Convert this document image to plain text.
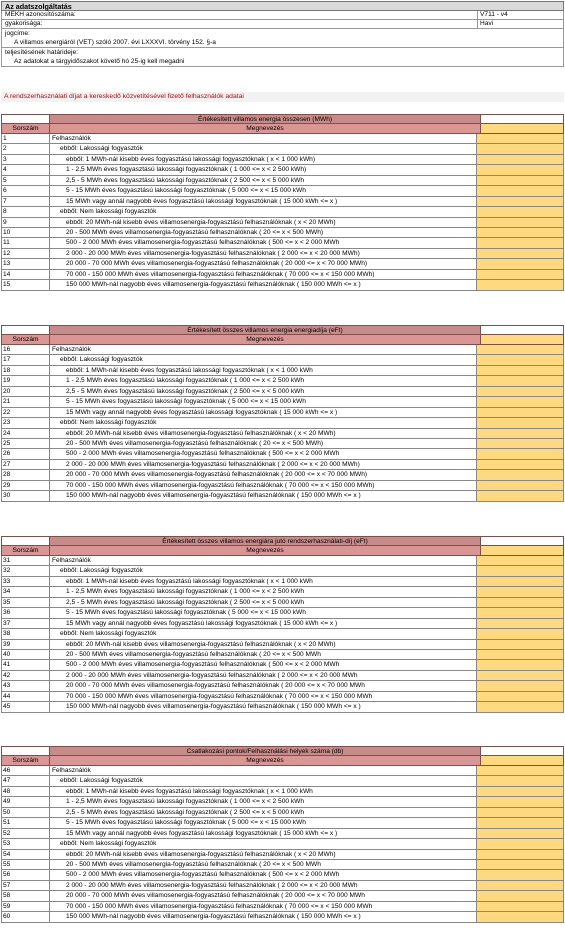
Az adatszolgáltatás
MEKH azonosítószáma:	V711 - v4
gyakorisága:	Havi
jogcíme:
A villamos energiáról (VET) szóló 2007. évi LXXXVI. törvény 152. §-a
teljesítésének határideje:
Az adatokat a tárgyidőszakot követő hó 25-ig kell megadni
A rendszerhasználati díjat a kereskedő közvetítésével fizető felhasználók adatai
Értékesített villamos energia összesen (MWh)
Sorszám	Megnevezés
1	Felhasználók
2	ebből: Lakossági fogyasztók
3	ebből: 1 MWh-nál kisebb éves fogyasztású lakossági fogyasztóknak ( x < 1 000 kWh)
4	1 - 2,5 MWh éves fogyasztású lakossági fogyasztóknak ( 1 000 <= x < 2 500 kWh)
5	2,5 - 5 MWh éves fogyasztású lakossági fogyasztóknak ( 2 500 <= x < 5 000 kWh
6	5 - 15 MWh éves fogyasztású lakossági fogyasztóknak ( 5 000 <= x < 15 000 kWh
7	15 MWh vagy annál nagyobb éves fogyasztású lakossági fogyasztóknak ( 15 000 kWh <= x )
8	ebből: Nem lakossági fogyasztók
9	ebből: 20 MWh-nál kisebb éves villamosenergia-fogyasztású felhasználóknak ( x < 20 MWh)
10	20 - 500 MWh éves villamosenergia-fogyasztású felhasználóknak ( 20 <= x < 500 MWh)
11	500 - 2 000 MWh éves villamosenergia-fogyasztású felhasználóknak ( 500 <= x < 2 000 MWh
12	2 000 - 20 000 MWh éves villamosenergia-fogyasztású felhasználóknak ( 2 000 <= x < 20 000 MWh)
13	20 000 - 70 000 MWh éves villamosenergia-fogyasztású felhasználóknak ( 20 000 <= x < 70 000 MWh)
14	70 000 - 150 000 MWh éves villamosenergia-fogyasztású felhasználóknak ( 70 000 <= x < 150 000 MWh)
15	150 000 MWh-nál nagyobb éves villamosenergia-fogyasztású felhasználóknak ( 150 000 MWh <= x )
Értékesített összes villamos energia energiadíja (eFt)
Sorszám	Megnevezés
16	Felhasználók
17	ebből: Lakossági fogyasztók
18	ebből: 1 MWh-nál kisebb éves fogyasztású lakossági fogyasztóknak ( x < 1 000 kWh
19	1 - 2,5 MWh éves fogyasztású lakossági fogyasztóknak ( 1 000 <= x < 2 500 kWh
20	2,5 - 5 MWh éves fogyasztású lakossági fogyasztóknak ( 2 500 <= x < 5 000 kWh
21	5 - 15 MWh éves fogyasztású lakossági fogyasztóknak ( 5 000 <= x < 15 000 kWh
22	15 MWh vagy annál nagyobb éves fogyasztású lakossági fogyasztóknak ( 15 000 kWh <= x )
23	ebből: Nem lakossági fogyasztók
24	ebből: 20 MWh-nál kisebb éves villamosenergia-fogyasztású felhasználóknak ( x < 20 MWh)
25	20 - 500 MWh éves villamosenergia-fogyasztású felhasználóknak ( 20 <= x < 500 MWh)
26	500 - 2 000 MWh éves villamosenergia-fogyasztású felhasználóknak ( 500 <= x < 2 000 MWh
27	2 000 - 20 000 MWh éves villamosenergia-fogyasztású felhasználóknak ( 2 000 <= x < 20 000 MWh)
28	20 000 - 70 000 MWh éves villamosenergia-fogyasztású felhasználóknak ( 20 000 <= x < 70 000 MWh)
29	70 000 - 150 000 MWh éves villamosenergia-fogyasztású felhasználóknak ( 70 000 <= x < 150 000 MWh)
30	150 000 MWh-nál nagyobb éves villamosenergia-fogyasztású felhasználóknak ( 150 000 MWh <= x )
Értékesített összes villamos energiára jutó rendszerhasználati-díj (eFt)
Sorszám	Megnevezés
31	Felhasználók
32	ebből: Lakossági fogyasztók
33	ebből: 1 MWh-nál kisebb éves fogyasztású lakossági fogyasztóknak ( x < 1 000 kWh
34	1 - 2,5 MWh éves fogyasztású lakossági fogyasztóknak ( 1 000 <= x < 2 500 kWh
35	2,5 - 5 MWh éves fogyasztású lakossági fogyasztóknak ( 2 500 <= x < 5 000 kWh
36	5 - 15 MWh éves fogyasztású lakossági fogyasztóknak ( 5 000 <= x < 15 000 kWh
37	15 MWh vagy annál nagyobb éves fogyasztású lakossági fogyasztóknak ( 15 000 kWh <= x )
38	ebből: Nem lakossági fogyasztók
39	ebből: 20 MWh-nál kisebb éves villamosenergia-fogyasztású felhasználóknak ( x < 20 MWh)
40	20 - 500 MWh éves villamosenergia-fogyasztású felhasználóknak ( 20 <= x < 500 MWh
41	500 - 2 000 MWh éves villamosenergia-fogyasztású felhasználóknak ( 500 <= x < 2 000 MWh
42	2 000 - 20 000 MWh éves villamosenergia-fogyasztású felhasználóknak ( 2 000 <= x < 20 000 MWh
43	20 000 - 70 000 MWh éves villamosenergia-fogyasztású felhasználóknak ( 20 000 <= x < 70 000 MWh
44	70 000 - 150 000 MWh éves villamosenergia-fogyasztású felhasználóknak ( 70 000 <= x < 150 000 MWh
45	150 000 MWh-nál nagyobb éves villamosenergia-fogyasztású felhasználóknak ( 150 000 MWh <= x )
Csatlakozási pontok/Felhasználási helyek száma (db)
Sorszám	Megnevezés
46	Felhasználók
47	ebből: Lakossági fogyasztók
48	ebből: 1 MWh-nál kisebb éves fogyasztású lakossági fogyasztóknak ( x < 1 000 kWh
49	1 - 2,5 MWh éves fogyasztású lakossági fogyasztóknak ( 1 000 <= x < 2 500 kWh
50	2,5 - 5 MWh éves fogyasztású lakossági fogyasztóknak ( 2 500 <= x < 5 000 kWh
51	5 - 15 MWh éves fogyasztású lakossági fogyasztóknak ( 5 000 <= x < 15 000 kWh
52	15 MWh vagy annál nagyobb éves fogyasztású lakossági fogyasztóknak ( 15 000 kWh <= x )
53	ebből: Nem lakossági fogyasztók
54	ebből: 20 MWh-nál kisebb éves villamosenergia-fogyasztású felhasználóknak ( x < 20 MWh)
55	20 - 500 MWh éves villamosenergia-fogyasztású felhasználóknak ( 20 <= x < 500 MWh
56	500 - 2 000 MWh éves villamosenergia-fogyasztású felhasználóknak ( 500 <= x < 2 000 MWh
57	2 000 - 20 000 MWh éves villamosenergia-fogyasztású felhasználóknak ( 2 000 <= x < 20 000 MWh
58	20 000 - 70 000 MWh éves villamosenergia-fogyasztású felhasználóknak ( 20 000 <= x < 70 000 MWh
59	70 000 - 150 000 MWh éves villamosenergia-fogyasztású felhasználóknak ( 70 000 <= x < 150 000 MWh
60	150 000 MWh-nál nagyobb éves villamosenergia-fogyasztású felhasználóknak ( 150 000 MWh <= x )
